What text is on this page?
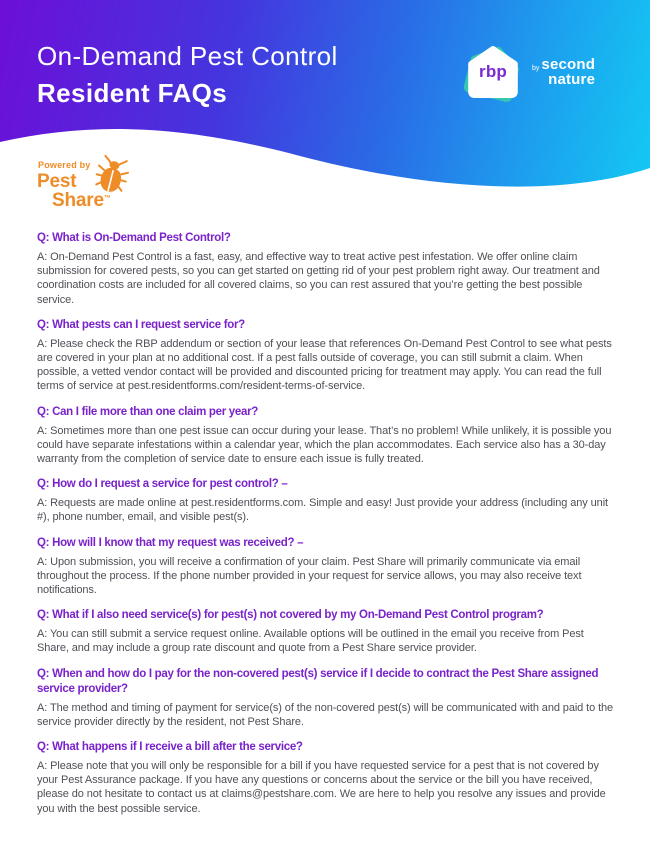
On-Demand Pest Control
Resident FAQs
rbp	by second
nature
Powered by
Pest
Share™

Q: What is On-Demand Pest Control?

A: On-Demand Pest Control is a fast, easy, and effective way to treat active pest infestation. We offer online claim submission for covered pests, so you can get started on getting rid of your pest problem right away. Our treatment and coordination costs are included for all covered claims, so you can rest assured that you’re getting the best possible service.

Q: What pests can I request service for?

A: Please check the RBP addendum or section of your lease that references On-Demand Pest Control to see what pests are covered in your plan at no additional cost. If a pest falls outside of coverage, you can still submit a claim. When possible, a vetted vendor contact will be provided and discounted pricing for treatment may apply. You can read the full terms of service at pest.residentforms.com/resident-terms-of-service.

Q: Can I file more than one claim per year?

A: Sometimes more than one pest issue can occur during your lease. That’s no problem! While unlikely, it is possible you could have separate infestations within a calendar year, which the plan accommodates. Each service also has a 30-day warranty from the completion of service date to ensure each issue is fully treated.

Q: How do I request a service for pest control? –

A: Requests are made online at pest.residentforms.com. Simple and easy! Just provide your address (including any unit #), phone number, email, and visible pest(s).

Q: How will I know that my request was received? –

A: Upon submission, you will receive a confirmation of your claim. Pest Share will primarily communicate via email throughout the process. If the phone number provided in your request for service allows, you may also receive text notifications.

Q: What if I also need service(s) for pest(s) not covered by my On-Demand Pest Control program?

A: You can still submit a service request online. Available options will be outlined in the email you receive from Pest Share, and may include a group rate discount and quote from a Pest Share service provider.

Q: When and how do I pay for the non-covered pest(s) service if I decide to contract the Pest Share assigned service provider?

A: The method and timing of payment for service(s) of the non-covered pest(s) will be communicated with and paid to the service provider directly by the resident, not Pest Share.

Q: What happens if I receive a bill after the service?

A: Please note that you will only be responsible for a bill if you have requested service for a pest that is not covered by your Pest Assurance package. If you have any questions or concerns about the service or the bill you have received, please do not hesitate to contact us at claims@pestshare.com. We are here to help you resolve any issues and provide you with the best possible service.
